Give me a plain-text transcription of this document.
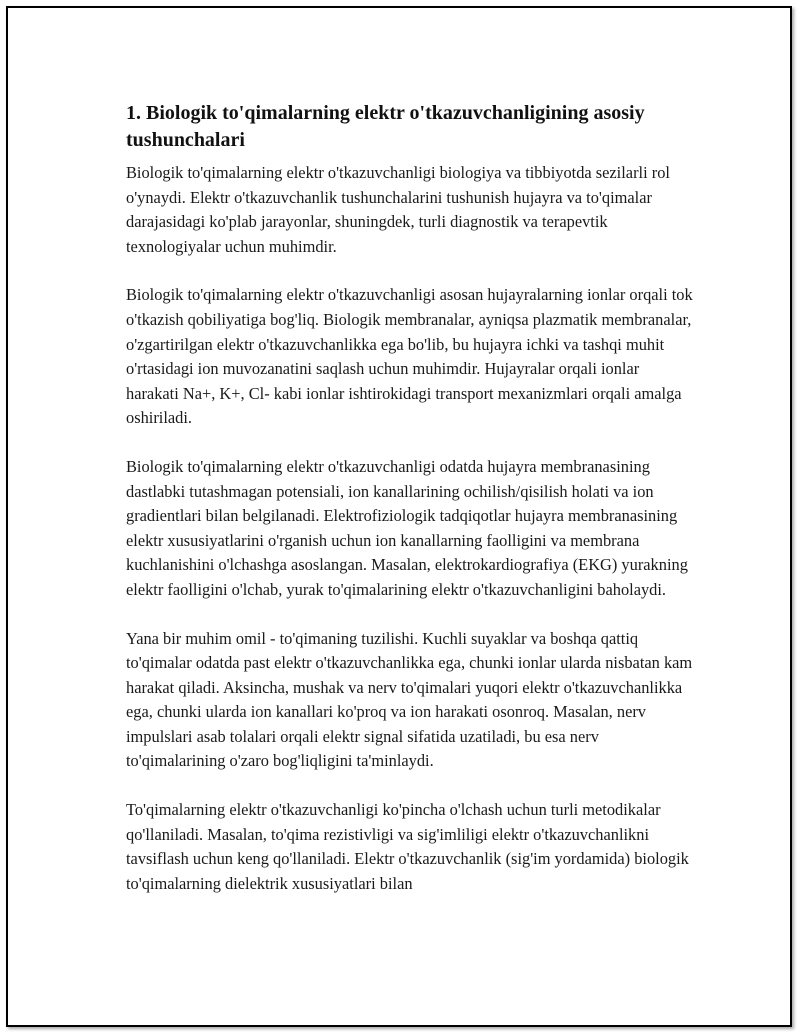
1. Biologik to'qimalarning elektr o'tkazuvchanligining asosiy tushunchalari

Biologik to'qimalarning elektr o'tkazuvchanligi biologiya va tibbiyotda sezilarli rol o'ynaydi. Elektr o'tkazuvchanlik tushunchalarini tushunish hujayra va to'qimalar darajasidagi ko'plab jarayonlar, shuningdek, turli diagnostik va terapevtik texnologiyalar uchun muhimdir.

Biologik to'qimalarning elektr o'tkazuvchanligi asosan hujayralarning ionlar orqali tok o'tkazish qobiliyatiga bog'liq. Biologik membranalar, ayniqsa plazmatik membranalar, o'zgartirilgan elektr o'tkazuvchanlikka ega bo'lib, bu hujayra ichki va tashqi muhit o'rtasidagi ion muvozanatini saqlash uchun muhimdir. Hujayralar orqali ionlar harakati Na+, K+, Cl- kabi ionlar ishtirokidagi transport mexanizmlari orqali amalga oshiriladi.

Biologik to'qimalarning elektr o'tkazuvchanligi odatda hujayra membranasining dastlabki tutashmagan potensiali, ion kanallarining ochilish/qisilish holati va ion gradientlari bilan belgilanadi. Elektrofiziologik tadqiqotlar hujayra membranasining elektr xususiyatlarini o'rganish uchun ion kanallarning faolligini va membrana kuchlanishini o'lchashga asoslangan. Masalan, elektrokardiografiya (EKG) yurakning elektr faolligini o'lchab, yurak to'qimalarining elektr o'tkazuvchanligini baholaydi.

Yana bir muhim omil - to'qimaning tuzilishi. Kuchli suyaklar va boshqa qattiq to'qimalar odatda past elektr o'tkazuvchanlikka ega, chunki ionlar ularda nisbatan kam harakat qiladi. Aksincha, mushak va nerv to'qimalari yuqori elektr o'tkazuvchanlikka ega, chunki ularda ion kanallari ko'proq va ion harakati osonroq. Masalan, nerv impulslari asab tolalari orqali elektr signal sifatida uzatiladi, bu esa nerv to'qimalarining o'zaro bog'liqligini ta'minlaydi.

To'qimalarning elektr o'tkazuvchanligi ko'pincha o'lchash uchun turli metodikalar qo'llaniladi. Masalan, to'qima rezistivligi va sig'imliligi elektr o'tkazuvchanlikni tavsiflash uchun keng qo'llaniladi. Elektr o'tkazuvchanlik (sig'im yordamida) biologik to'qimalarning dielektrik xususiyatlari bilan
